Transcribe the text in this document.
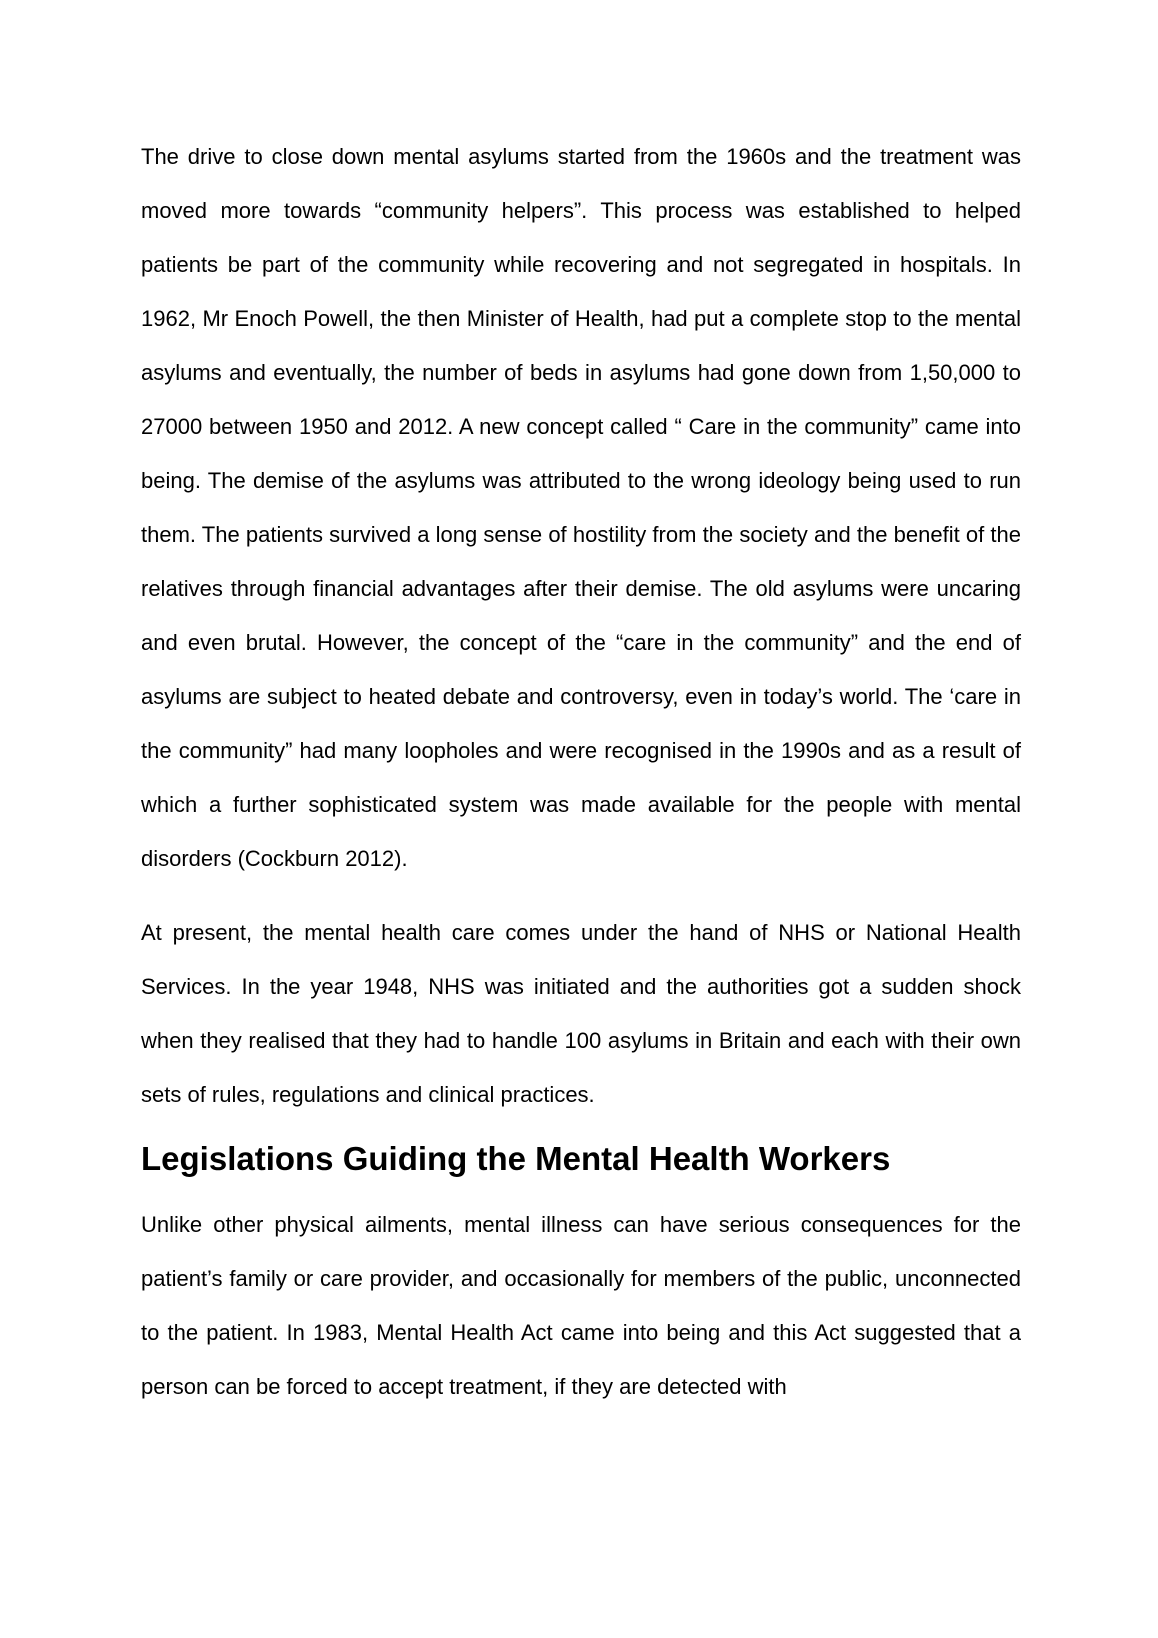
The drive to close down mental asylums started from the 1960s and the treatment was moved more towards “community helpers”. This process was established to helped patients be part of the community while recovering and not segregated in hospitals. In 1962, Mr Enoch Powell, the then Minister of Health, had put a complete stop to the mental asylums and eventually, the number of beds in asylums had gone down from 1,50,000 to 27000 between 1950 and 2012. A new concept called “ Care in the community” came into being. The demise of the asylums was attributed to the wrong ideology being used to run them. The patients survived a long sense of hostility from the society and the benefit of the relatives through financial advantages after their demise. The old asylums were uncaring and even brutal. However, the concept of the “care in the community” and the end of asylums are subject to heated debate and controversy, even in today’s world. The ‘care in the community” had many loopholes and were recognised in the 1990s and as a result of which a further sophisticated system was made available for the people with mental disorders (Cockburn 2012).

At present, the mental health care comes under the hand of NHS or National Health Services. In the year 1948, NHS was initiated and the authorities got a sudden shock when they realised that they had to handle 100 asylums in Britain and each with their own sets of rules, regulations and clinical practices.

Legislations Guiding the Mental Health Workers

Unlike other physical ailments, mental illness can have serious consequences for the patient’s family or care provider, and occasionally for members of the public, unconnected to the patient. In 1983, Mental Health Act came into being and this Act suggested that a person can be forced to accept treatment, if they are detected with
